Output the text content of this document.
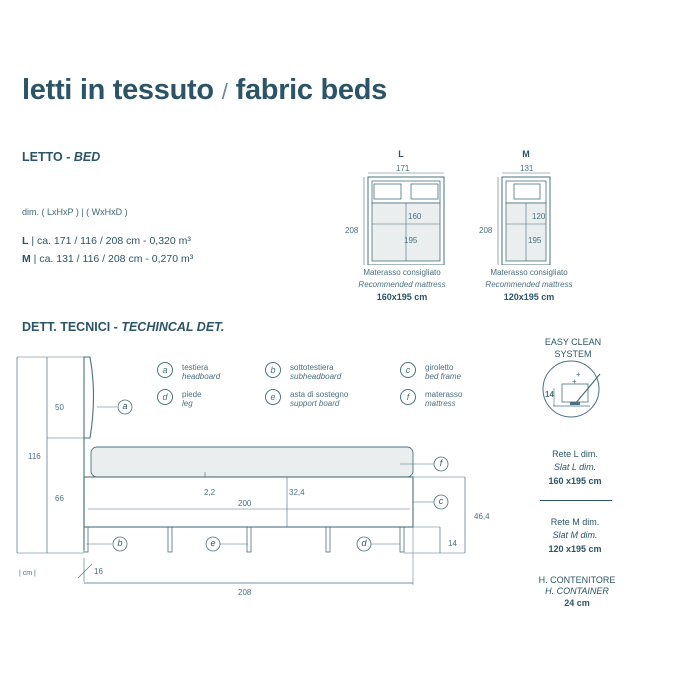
letti in tessuto / fabric beds
LETTO - BED
dim. ( LxHxP ) | ( WxHxD )
L | ca. 171 / 116 / 208 cm - 0,320 m³
M | ca. 131 / 116 / 208 cm - 0,270 m³
L
171
208
160
195
Materasso consigliato
Recommended mattress
160x195 cm
M
131
208
120
195
Materasso consigliato
Recommended mattress
120x195 cm
DETT. TECNICI - TECHINCAL DET.
a	testiera
headboard
b	sottotestiera
subheadboard
c	giroletto
bed frame
d	piede
leg
e	asta di sostegno
support board
f	materasso
mattress
a
f
c
b	e	d
116
50
66
2,2	32,4
200
46,4
14
16
208
| cm |
EASY CLEAN
SYSTEM
+
+
14
Rete L dim.
Slat L dim.
160 x195 cm
Rete M dim.
Slat M dim.
120 x195 cm
H. CONTENITORE
H. CONTAINER
24 cm
